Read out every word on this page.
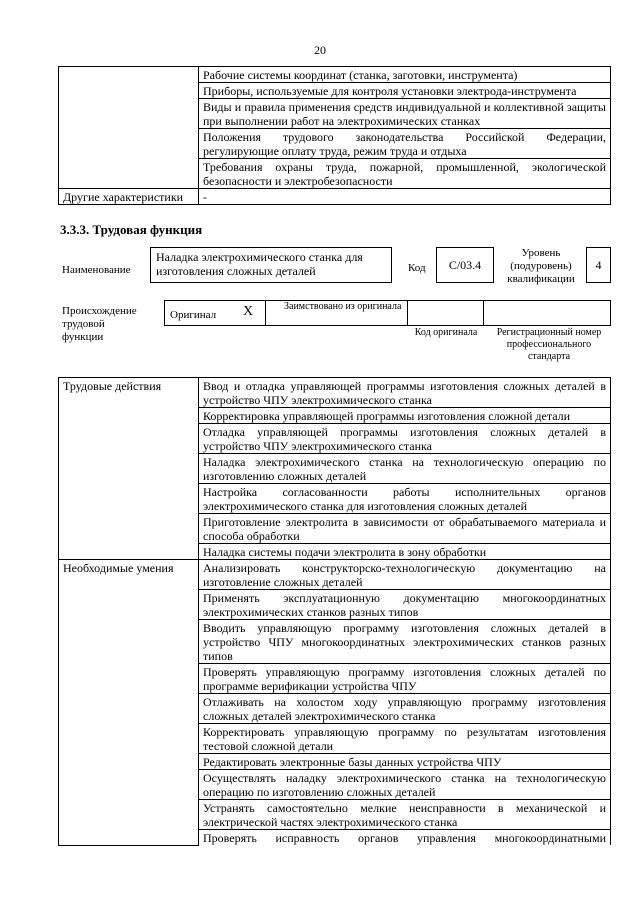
20
	Рабочие системы координат (станка, заготовки, инструмента)
	Приборы, используемые для контроля установки электрода-инструмента
	Виды и правила применения средств индивидуальной и коллективной защиты при выполнении работ на электрохимических станках
	Положения трудового законодательства Российской Федерации, регулирующие оплату труда, режим труда и отдыха
	Требования охраны труда, пожарной, промышленной, экологической безопасности и электробезопасности
Другие характеристики	-
3.3.3. Трудовая функция
Наименование
Наладка электрохимического станка для изготовления сложных деталей	Код	C/03.4
Уровень (подуровень) квалификации
4
Происхождение трудовой функции
Оригинал X	Заимствовано из оригинала
Код оригинала	Регистрационный номер профессионального стандарта
Трудовые действия	Ввод и отладка управляющей программы изготовления сложных деталей в устройство ЧПУ электрохимического станка
	Корректировка управляющей программы изготовления сложной детали
	Отладка управляющей программы изготовления сложных деталей в устройство ЧПУ электрохимического станка
	Наладка электрохимического станка на технологическую операцию по изготовлению сложных деталей
	Настройка согласованности работы исполнительных органов электрохимического станка для изготовления сложных деталей
	Приготовление электролита в зависимости от обрабатываемого материала и способа обработки
	Наладка системы подачи электролита в зону обработки
Необходимые умения	Анализировать конструкторско-технологическую документацию на изготовление сложных деталей
	Применять эксплуатационную документацию многокоординатных электрохимических станков разных типов
	Вводить управляющую программу изготовления сложных деталей в устройство ЧПУ многокоординатных электрохимических станков разных типов
	Проверять управляющую программу изготовления сложных деталей по программе верификации устройства ЧПУ
	Отлаживать на холостом ходу управляющую программу изготовления сложных деталей электрохимического станка
	Корректировать управляющую программу по результатам изготовления тестовой сложной детали
	Редактировать электронные базы данных устройства ЧПУ
	Осуществлять наладку электрохимического станка на технологическую операцию по изготовлению сложных деталей
	Устранять самостоятельно мелкие неисправности в механической и электрической частях электрохимического станка
	Проверять исправность органов управления многокоординатными
